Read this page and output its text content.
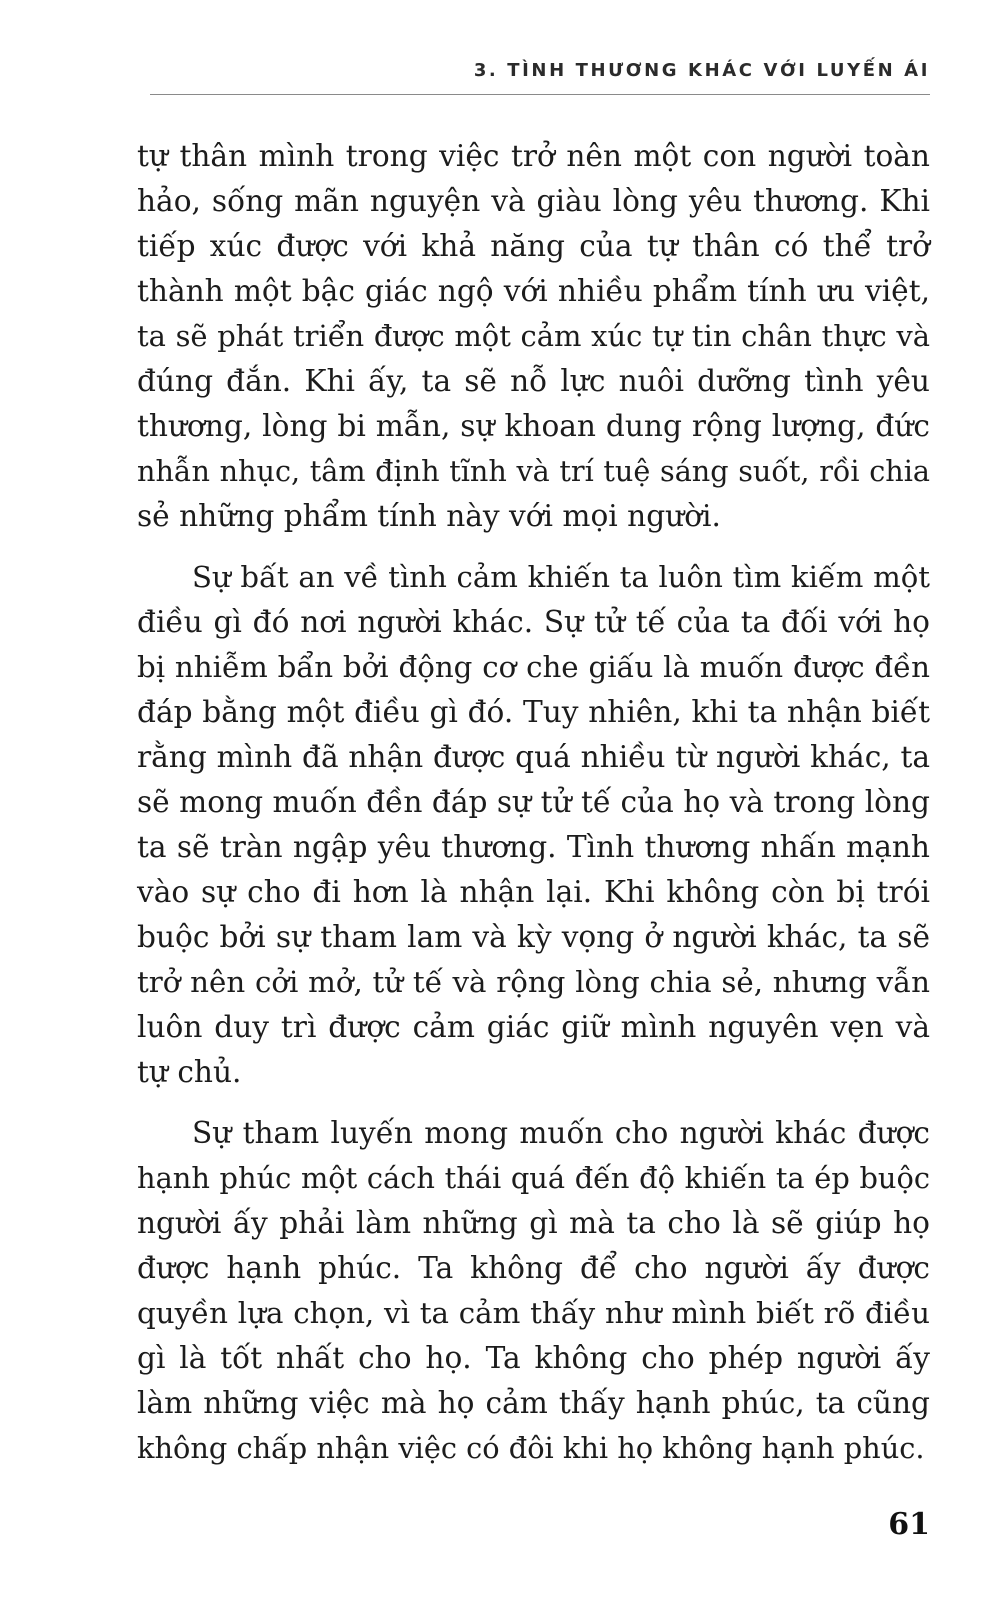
3. TÌNH THƯƠNG KHÁC VỚI LUYẾN ÁI

tự thân mình trong việc trở nên một con người toàn
hảo, sống mãn nguyện và giàu lòng yêu thương. Khi
tiếp xúc được với khả năng của tự thân có thể trở
thành một bậc giác ngộ với nhiều phẩm tính ưu việt,
ta sẽ phát triển được một cảm xúc tự tin chân thực và
đúng đắn. Khi ấy, ta sẽ nỗ lực nuôi dưỡng tình yêu
thương, lòng bi mẫn, sự khoan dung rộng lượng, đức
nhẫn nhục, tâm định tĩnh và trí tuệ sáng suốt, rồi chia
sẻ những phẩm tính này với mọi người.

Sự bất an về tình cảm khiến ta luôn tìm kiếm một
điều gì đó nơi người khác. Sự tử tế của ta đối với họ
bị nhiễm bẩn bởi động cơ che giấu là muốn được đền
đáp bằng một điều gì đó. Tuy nhiên, khi ta nhận biết
rằng mình đã nhận được quá nhiều từ người khác, ta
sẽ mong muốn đền đáp sự tử tế của họ và trong lòng
ta sẽ tràn ngập yêu thương. Tình thương nhấn mạnh
vào sự cho đi hơn là nhận lại. Khi không còn bị trói
buộc bởi sự tham lam và kỳ vọng ở người khác, ta sẽ
trở nên cởi mở, tử tế và rộng lòng chia sẻ, nhưng vẫn
luôn duy trì được cảm giác giữ mình nguyên vẹn và
tự chủ.

Sự tham luyến mong muốn cho người khác được
hạnh phúc một cách thái quá đến độ khiến ta ép buộc
người ấy phải làm những gì mà ta cho là sẽ giúp họ
được hạnh phúc. Ta không để cho người ấy được
quyền lựa chọn, vì ta cảm thấy như mình biết rõ điều
gì là tốt nhất cho họ. Ta không cho phép người ấy
làm những việc mà họ cảm thấy hạnh phúc, ta cũng
không chấp nhận việc có đôi khi họ không hạnh phúc.

61
